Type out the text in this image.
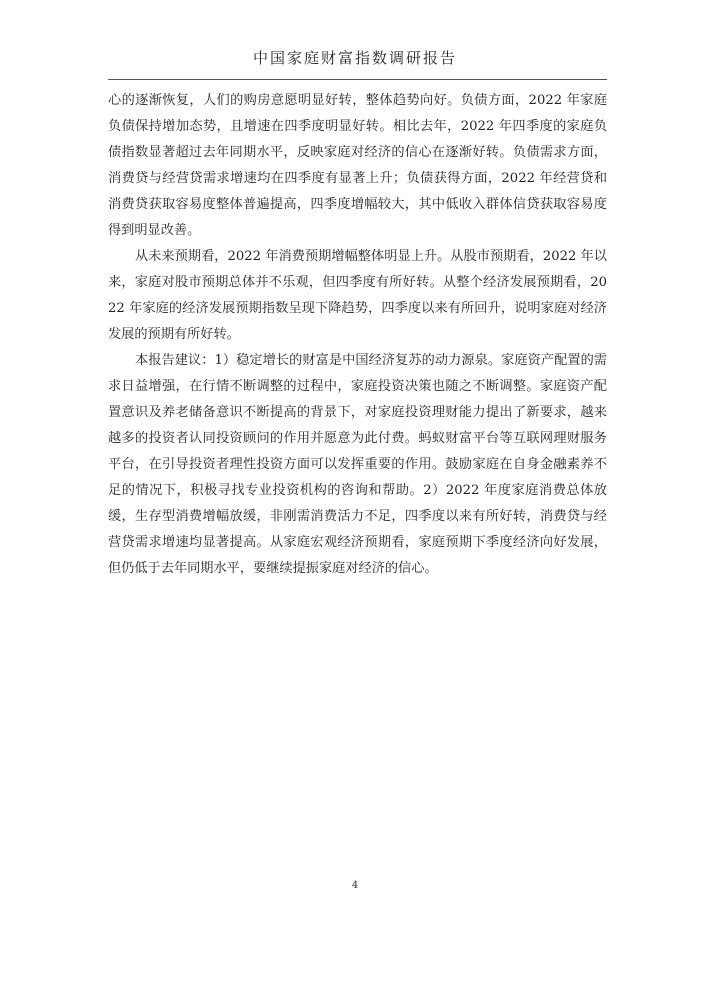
中国家庭财富指数调研报告

心的逐渐恢复，人们的购房意愿明显好转，整体趋势向好。负债方面，2022 年家庭负债保持增加态势，且增速在四季度明显好转。相比去年，2022 年四季度的家庭负债指数显著超过去年同期水平，反映家庭对经济的信心在逐渐好转。负债需求方面，消费贷与经营贷需求增速均在四季度有显著上升；负债获得方面，2022 年经营贷和消费贷获取容易度整体普遍提高，四季度增幅较大，其中低收入群体信贷获取容易度得到明显改善。

从未来预期看，2022 年消费预期增幅整体明显上升。从股市预期看，2022 年以来，家庭对股市预期总体并不乐观，但四季度有所好转。从整个经济发展预期看，2022 年家庭的经济发展预期指数呈现下降趋势，四季度以来有所回升，说明家庭对经济发展的预期有所好转。

本报告建议：1）稳定增长的财富是中国经济复苏的动力源泉。家庭资产配置的需求日益增强，在行情不断调整的过程中，家庭投资决策也随之不断调整。家庭资产配置意识及养老储备意识不断提高的背景下，对家庭投资理财能力提出了新要求，越来越多的投资者认同投资顾问的作用并愿意为此付费。蚂蚁财富平台等互联网理财服务平台，在引导投资者理性投资方面可以发挥重要的作用。鼓励家庭在自身金融素养不足的情况下，积极寻找专业投资机构的咨询和帮助。2）2022 年度家庭消费总体放缓，生存型消费增幅放缓，非刚需消费活力不足，四季度以来有所好转，消费贷与经营贷需求增速均显著提高。从家庭宏观经济预期看，家庭预期下季度经济向好发展，但仍低于去年同期水平，要继续提振家庭对经济的信心。

4
